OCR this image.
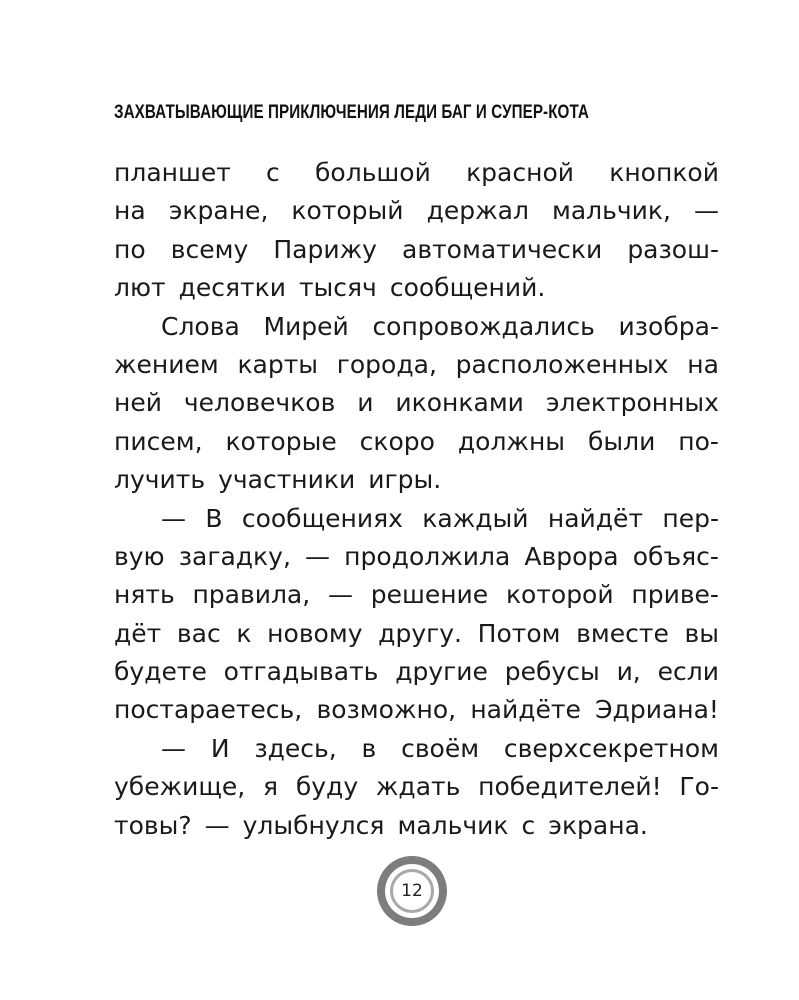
ЗАХВАТЫВАЮЩИЕ ПРИКЛЮЧЕНИЯ ЛЕДИ БАГ И СУПЕР-КОТА
планшет с большой красной кнопкой
на экране, который держал мальчик, —
по всему Парижу автоматически разош-
лют десятки тысяч сообщений.
Слова Мирей сопровождались изобра-
жением карты города, расположенных на
ней человечков и иконками электронных
писем, которые скоро должны были по-
лучить участники игры.
— В сообщениях каждый найдёт пер-
вую загадку, — продолжила Аврора объяс-
нять правила, — решение которой приве-
дёт вас к новому другу. Потом вместе вы
будете отгадывать другие ребусы и, если
постараетесь, возможно, найдёте Эдриана!
— И здесь, в своём сверхсекретном
убежище, я буду ждать победителей! Го-
товы? — улыбнулся мальчик с экрана.
12
